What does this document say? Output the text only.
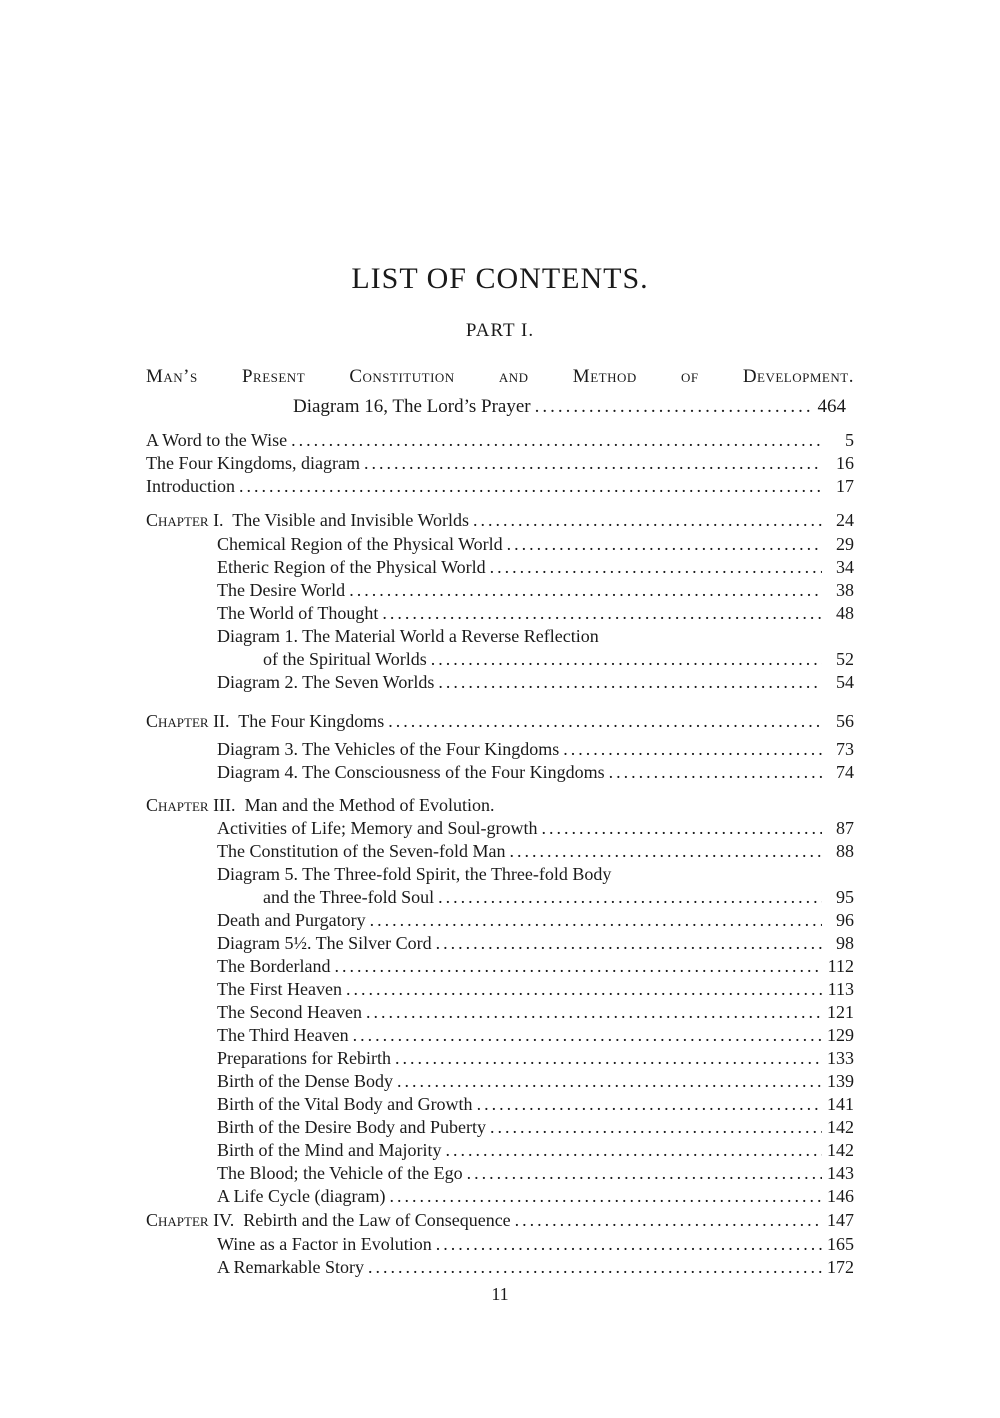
LIST OF CONTENTS.
PART I.
Man’s Present Constitution and Method of Development.
Diagram 16, The Lord’s Prayer .....	464
A Word to the Wise .....	5
The Four Kingdoms, diagram .....	16
Introduction .....	17
Chapter I. The Visible and Invisible Worlds .....	24
Chemical Region of the Physical World .....	29
Etheric Region of the Physical World .....	34
The Desire World .....	38
The World of Thought .....	48
Diagram 1. The Material World a Reverse Reflection
of the Spiritual Worlds .....	52
Diagram 2. The Seven Worlds .....	54
Chapter II. The Four Kingdoms .....	56
Diagram 3. The Vehicles of the Four Kingdoms .....	73
Diagram 4. The Consciousness of the Four Kingdoms .....	74
Chapter III. Man and the Method of Evolution.
Activities of Life; Memory and Soul-growth .....	87
The Constitution of the Seven-fold Man .....	88
Diagram 5. The Three-fold Spirit, the Three-fold Body
and the Three-fold Soul .....	95
Death and Purgatory .....	96
Diagram 5½. The Silver Cord .....	98
The Borderland .....	112
The First Heaven .....	113
The Second Heaven .....	121
The Third Heaven .....	129
Preparations for Rebirth .....	133
Birth of the Dense Body .....	139
Birth of the Vital Body and Growth .....	141
Birth of the Desire Body and Puberty .....	142
Birth of the Mind and Majority .....	142
The Blood; the Vehicle of the Ego .....	143
A Life Cycle (diagram) .....	146
Chapter IV. Rebirth and the Law of Consequence .....	147
Wine as a Factor in Evolution .....	165
A Remarkable Story .....	172
11
